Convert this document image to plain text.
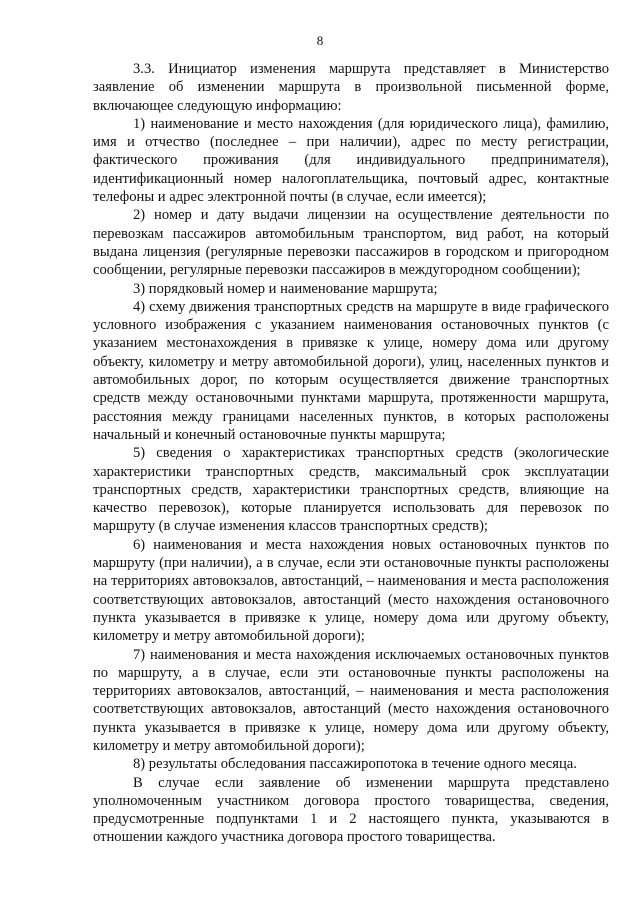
8

3.3. Инициатор изменения маршрута представляет в Министерство заявление об изменении маршрута в произвольной письменной форме, включающее следующую информацию:

1) наименование и место нахождения (для юридического лица), фамилию, имя и отчество (последнее – при наличии), адрес по месту регистрации, фактического проживания (для индивидуального предпринимателя), идентификационный номер налогоплательщика, почтовый адрес, контактные телефоны и адрес электронной почты (в случае, если имеется);

2) номер и дату выдачи лицензии на осуществление деятельности по перевозкам пассажиров автомобильным транспортом, вид работ, на который выдана лицензия (регулярные перевозки пассажиров в городском и пригородном сообщении, регулярные перевозки пассажиров в междугородном сообщении);

3) порядковый номер и наименование маршрута;

4) схему движения транспортных средств на маршруте в виде графического условного изображения с указанием наименования остановочных пунктов (с указанием местонахождения в привязке к улице, номеру дома или другому объекту, километру и метру автомобильной дороги), улиц, населенных пунктов и автомобильных дорог, по которым осуществляется движение транспортных средств между остановочными пунктами маршрута, протяженности маршрута, расстояния между границами населенных пунктов, в которых расположены начальный и конечный остановочные пункты маршрута;

5) сведения о характеристиках транспортных средств (экологические характеристики транспортных средств, максимальный срок эксплуатации транспортных средств, характеристики транспортных средств, влияющие на качество перевозок), которые планируется использовать для перевозок по маршруту (в случае изменения классов транспортных средств);

6) наименования и места нахождения новых остановочных пунктов по маршруту (при наличии), а в случае, если эти остановочные пункты расположены на территориях автовокзалов, автостанций, – наименования и места расположения соответствующих автовокзалов, автостанций (место нахождения остановочного пункта указывается в привязке к улице, номеру дома или другому объекту, километру и метру автомобильной дороги);

7) наименования и места нахождения исключаемых остановочных пунктов по маршруту, а в случае, если эти остановочные пункты расположены на территориях автовокзалов, автостанций, – наименования и места расположения соответствующих автовокзалов, автостанций (место нахождения остановочного пункта указывается в привязке к улице, номеру дома или другому объекту, километру и метру автомобильной дороги);

8) результаты обследования пассажиропотока в течение одного месяца.

В случае если заявление об изменении маршрута представлено уполномоченным участником договора простого товарищества, сведения, предусмотренные подпунктами 1 и 2 настоящего пункта, указываются в отношении каждого участника договора простого товарищества.
